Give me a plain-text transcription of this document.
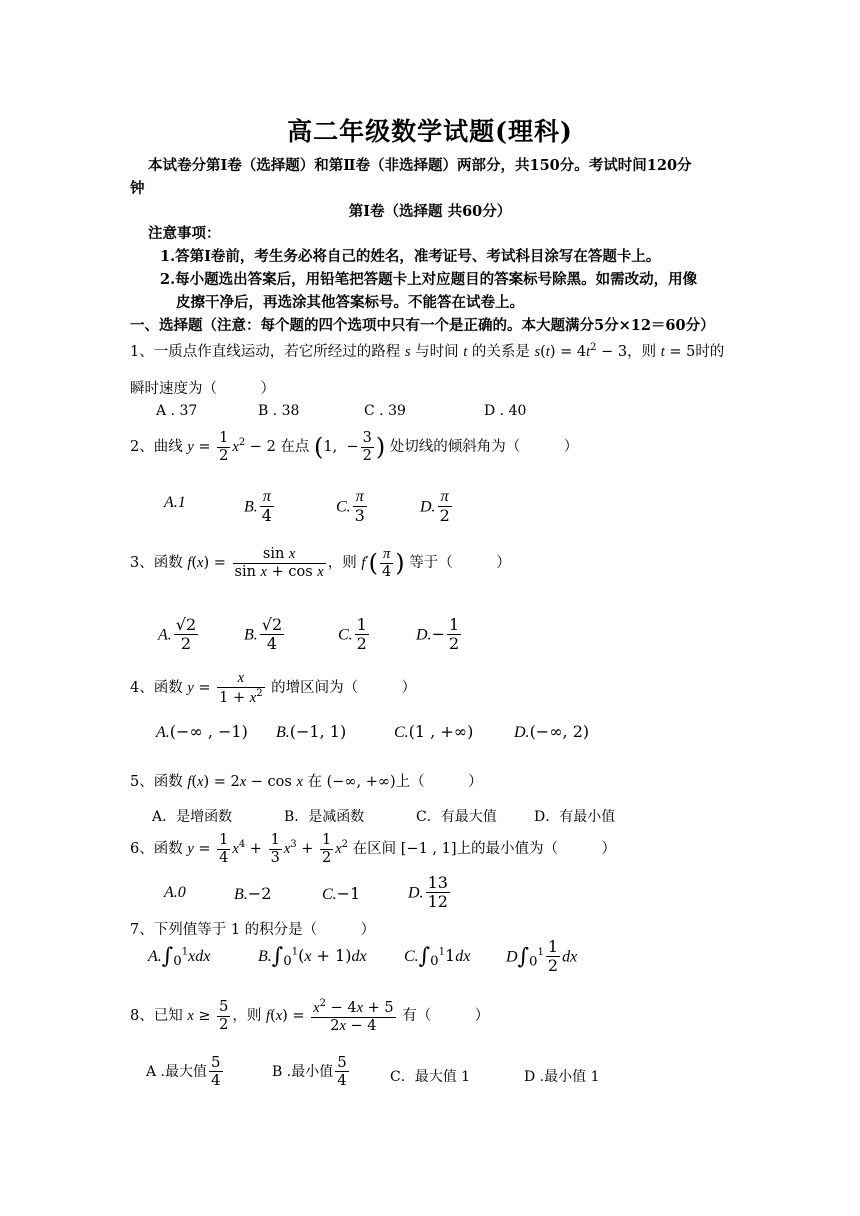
高二年级数学试题(理科)
本试卷分第Ⅰ卷（选择题）和第Ⅱ卷（非选择题）两部分，共150分。考试时间120分
钟
第Ⅰ卷（选择题 共60分）
注意事项：
1.答第Ⅰ卷前，考生务必将自己的姓名，准考证号、考试科目涂写在答题卡上。
2.每小题选出答案后，用铅笔把答题卡上对应题目的答案标号除黑。如需改动，用像
皮擦干净后，再选涂其他答案标号。不能答在试卷上。
一、选择题（注意：每个题的四个选项中只有一个是正确的。本大题满分5分×12＝60分）
1、一质点作直线运动，若它所经过的路程 s 与时间 t 的关系是 $s(t) = 4t^2 - 3$，则 t = 5时的
瞬时速度为（　　　）
A . 37	B . 38	C . 39	D . 40
2、曲线 $y = \frac{1}{2} x^2 - 2$ 在点 (1,  − $\frac{3}{2}$ ) 处切线的倾斜角为（　　　）
A.1	B. $\frac{\pi}{4}$	C. $\frac{\pi}{3}$	D. $\frac{\pi}{2}$
3、函数 $f(x) = \frac{\text{sin x}}{\text{sin x + cos x}}$ ，则 $f'( \frac{\pi}{4}$ ) 等于（　　　）
A. $\frac{√2}{2}$	B. $\frac{√2}{4}$	C. $\frac{1}{2}$	$D.- \frac{1}{2}$
4、函数 $y = \frac{x}{1 + x^2}$ 的增区间为（　　　）
A.(−∞ , −1) B.(−1, 1)	C.(1 , +∞)	D.(−∞, 2)
5、函数 f(x) = 2x − cos x 在 (−∞, +∞)上（　　　）
A．是增函数	B．是减函数	C．有最大值	D．有最小值
6、函数 $y = \frac{1}{4} x^4 + \frac{1}{3} x^3 + \frac{1}{2} x^2$ 在区间 [−1 , 1]上的最小值为（　　　）
A.0	B.−2	C.−1	D. $\frac{13}{12}$
7、下列值等于 1 的积分是（　　　）
$A.\int_0^1xdx$	$B.\int_0^1(x + 1)dx$ $C.\int_0^11dx$ $D\int_0^1 \frac{1}{2}$ dx
8、已知 $x \ge \frac{5}{2}$ ，则 $f(x) = \frac{x^2 - 4x + 5}{2x - 4}$ 有（　　　）
A .最大值 $\frac{5}{4}$	B .最小值 $\frac{5}{4}$	C．最大值 1	D .最小值 1
